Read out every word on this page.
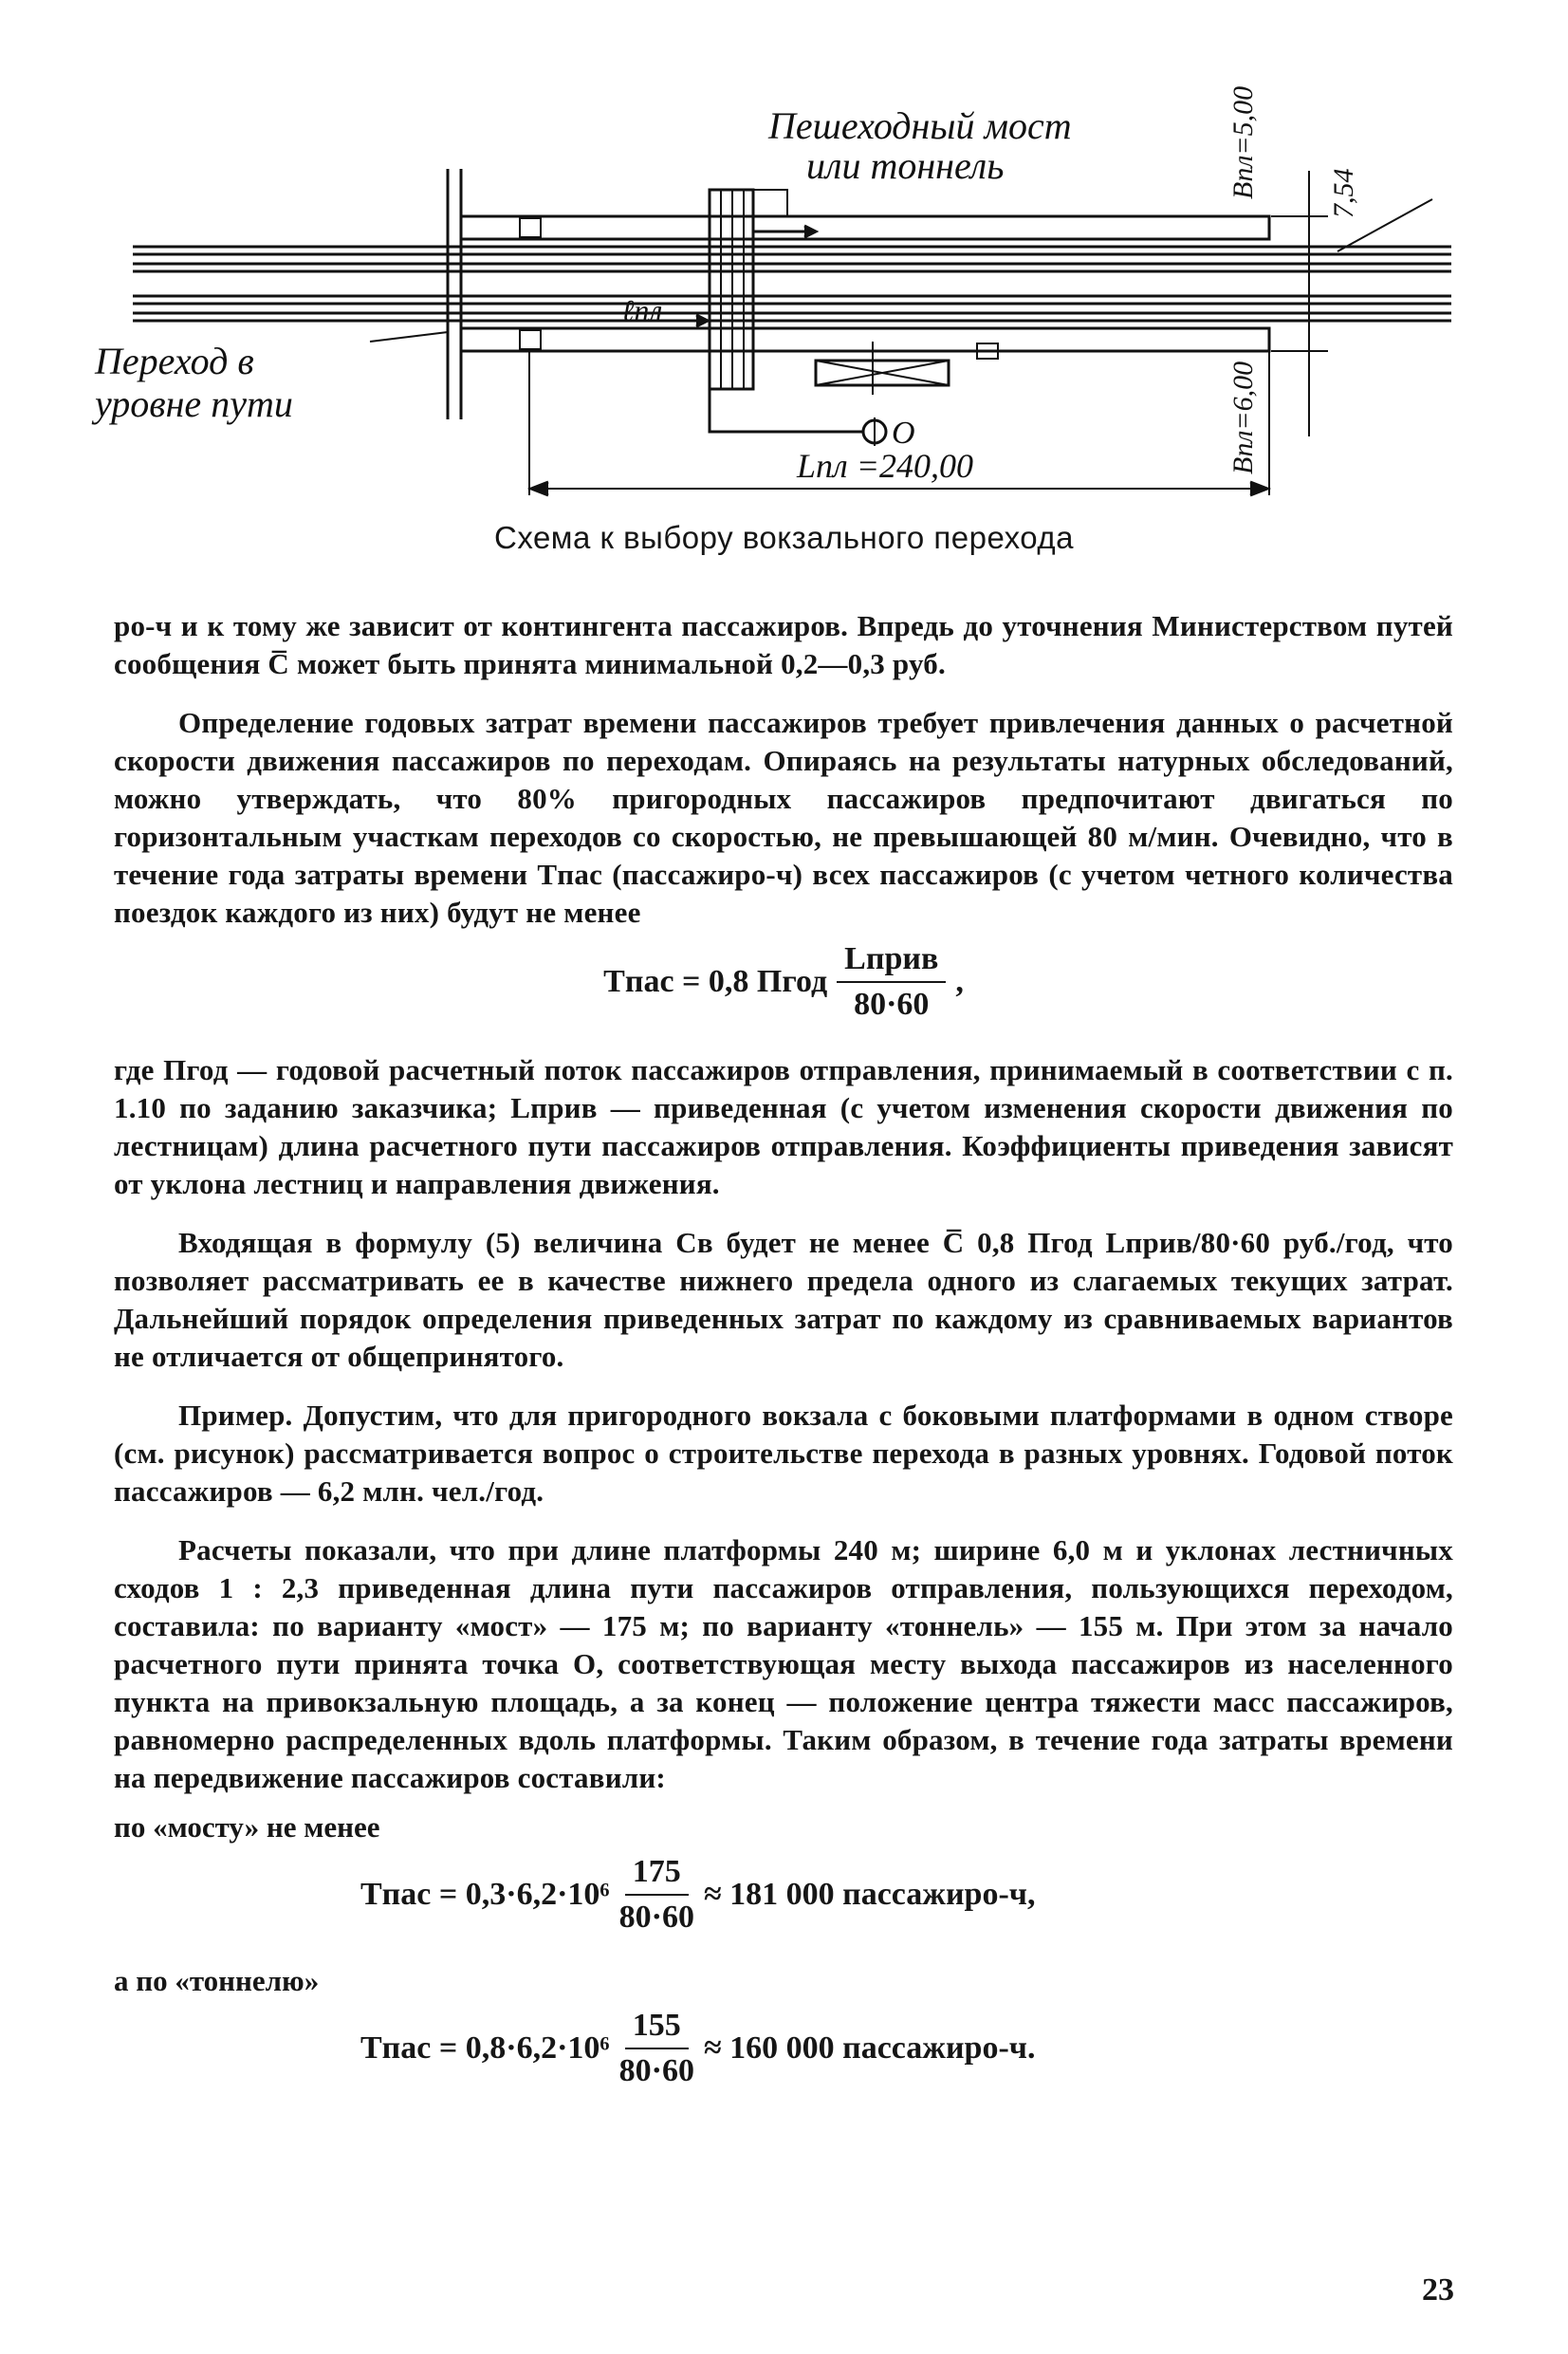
Пешеходный мост
или тоннель
Переход в
уровне пути
ℓпл
О
Lпл =240,00
Bпл=5,00
Bпл=6,00
7,54
Схема к выбору вокзального перехода

ро-ч и к тому же зависит от контингента пассажиров. Впредь до уточнения Министерством путей сообщения C̅ может быть принята минимальной 0,2—0,3 руб.

Определение годовых затрат времени пассажиров требует привлечения данных о расчетной скорости движения пассажиров по переходам. Опираясь на результаты натурных обследований, можно утверждать, что 80% пригородных пассажиров предпочитают двигаться по горизонтальным участкам переходов со скоростью, не превышающей 80 м/мин. Очевидно, что в течение года затраты времени Tпас (пассажиро-ч) всех пассажиров (с учетом четного количества поездок каждого из них) будут не менее

Tпас = 0,8 Пгод $\frac{\text{Lприв}}{80\cdot 60}$ ,

где Пгод — годовой расчетный поток пассажиров отправления, принимаемый в соответствии с п. 1.10 по заданию заказчика; Lприв — приведенная (с учетом изменения скорости движения по лестницам) длина расчетного пути пассажиров отправления. Коэффициенты приведения зависят от уклона лестниц и направления движения.

Входящая в формулу (5) величина Cв будет не менее C̅ 0,8 Пгод Lприв/80·60 руб./год, что позволяет рассматривать ее в качестве нижнего предела одного из слагаемых текущих затрат. Дальнейший порядок определения приведенных затрат по каждому из сравниваемых вариантов не отличается от общепринятого.

Пример. Допустим, что для пригородного вокзала с боковыми платформами в одном створе (см. рисунок) рассматривается вопрос о строительстве перехода в разных уровнях. Годовой поток пассажиров — 6,2 млн. чел./год.

Расчеты показали, что при длине платформы 240 м; ширине 6,0 м и уклонах лестничных сходов 1 : 2,3 приведенная длина пути пассажиров отправления, пользующихся переходом, составила: по варианту «мост» — 175 м; по варианту «тоннель» — 155 м. При этом за начало расчетного пути принята точка О, соответствующая месту выхода пассажиров из населенного пункта на привокзальную площадь, а за конец — положение центра тяжести масс пассажиров, равномерно распределенных вдоль платформы. Таким образом, в течение года затраты времени на передвижение пассажиров составили:

по «мосту» не менее
Tпас = $0,3\cdot 6,2\cdot 10^6 \frac{175}{80\cdot 60} \approx 181$ 000 пассажиро-ч,
а по «тоннелю»
Tпас = $0,8\cdot 6,2\cdot 10^6 \frac{155}{80\cdot 60} \approx 160$ 000 пассажиро-ч.
23
